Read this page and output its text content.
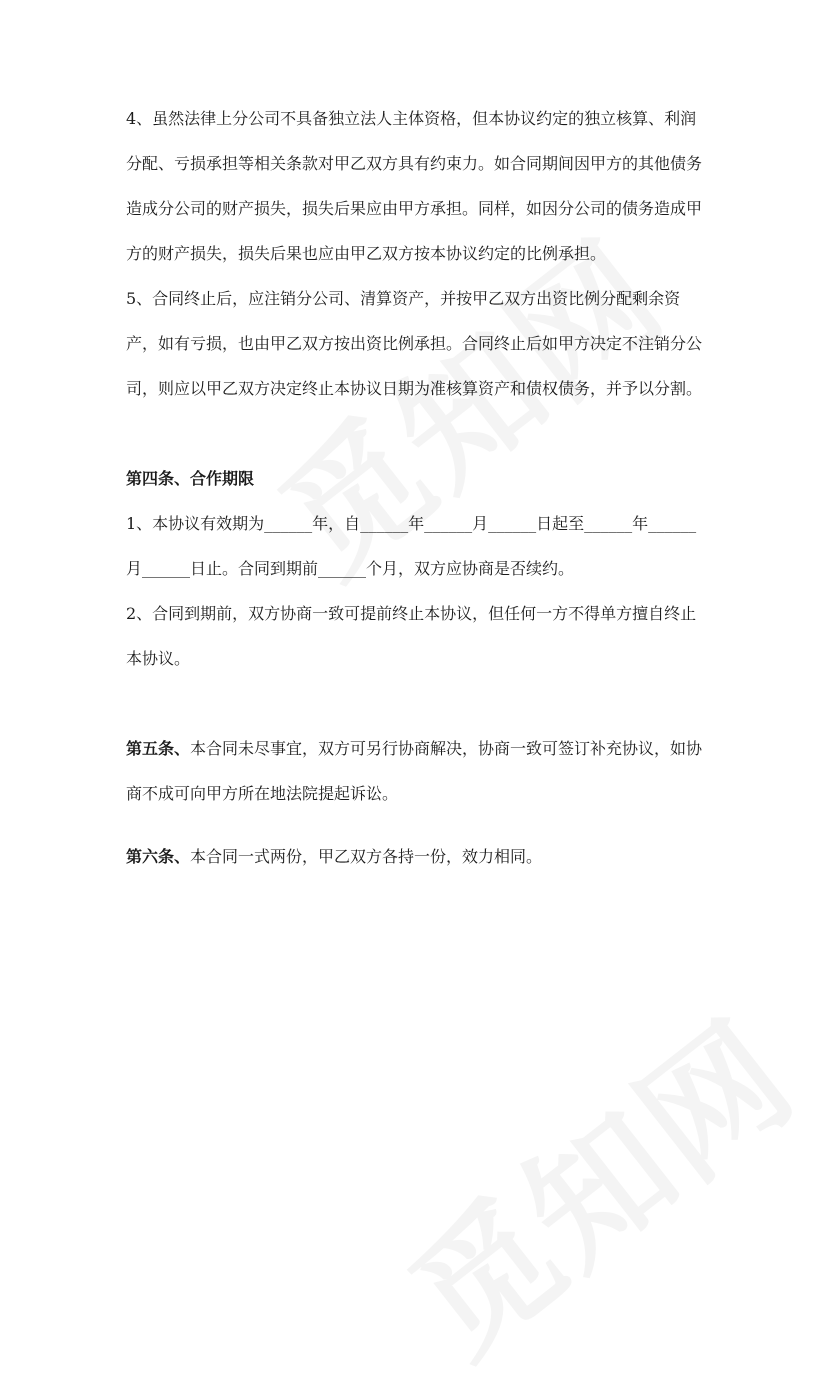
4、虽然法律上分公司不具备独立法人主体资格，但本协议约定的独立核算、利润分配、亏损承担等相关条款对甲乙双方具有约束力。如合同期间因甲方的其他债务造成分公司的财产损失，损失后果应由甲方承担。同样，如因分公司的债务造成甲方的财产损失，损失后果也应由甲乙双方按本协议约定的比例承担。

5、合同终止后，应注销分公司、清算资产，并按甲乙双方出资比例分配剩余资产，如有亏损，也由甲乙双方按出资比例承担。合同终止后如甲方决定不注销分公司，则应以甲乙双方决定终止本协议日期为准核算资产和债权债务，并予以分割。

第四条、合作期限

1、本协议有效期为______年，自______年______月______日起至______年______月______日止。合同到期前______个月，双方应协商是否续约。

2、合同到期前，双方协商一致可提前终止本协议，但任何一方不得单方擅自终止本协议。

第五条、本合同未尽事宜，双方可另行协商解决，协商一致可签订补充协议，如协商不成可向甲方所在地法院提起诉讼。

第六条、本合同一式两份，甲乙双方各持一份，效力相同。
